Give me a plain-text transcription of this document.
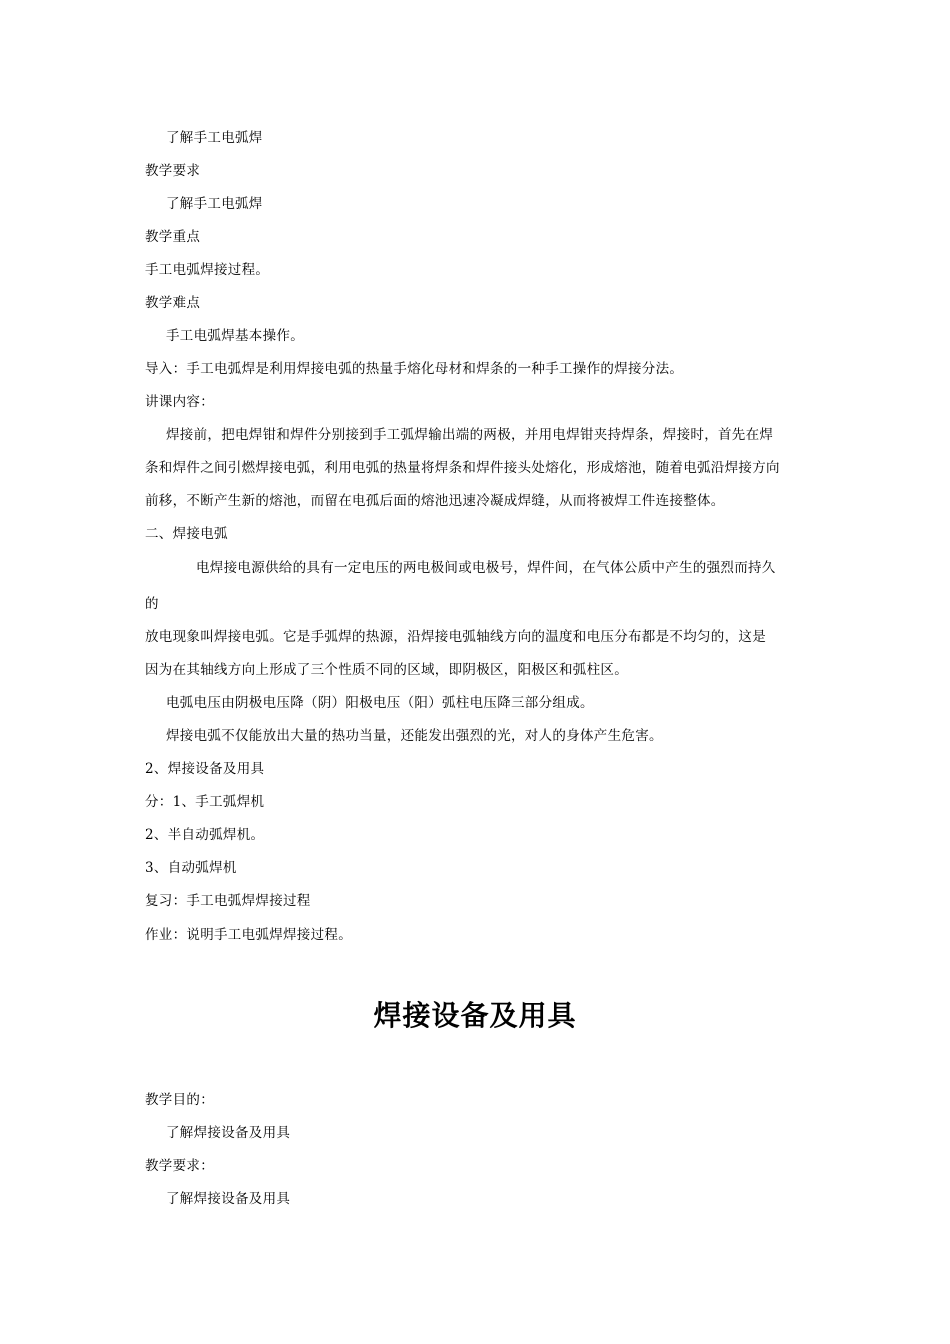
了解手工电弧焊
教学要求
了解手工电弧焊
教学重点
手工电弧焊接过程。
教学难点
手工电弧焊基本操作。
导入：手工电弧焊是利用焊接电弧的热量手熔化母材和焊条的一种手工操作的焊接分法。
讲课内容：
焊接前，把电焊钳和焊件分别接到手工弧焊输出端的两极，并用电焊钳夹持焊条，焊接时，首先在焊
条和焊件之间引燃焊接电弧，利用电弧的热量将焊条和焊件接头处熔化，形成熔池，随着电弧沿焊接方向
前移，不断产生新的熔池，而留在电孤后面的熔池迅速冷凝成焊缝，从而将被焊工件连接整体。
二、焊接电弧
电焊接电源供给的具有一定电压的两电极间或电极号，焊件间，在气体公质中产生的强烈而持久
的
放电现象叫焊接电弧。它是手弧焊的热源，沿焊接电弧轴线方向的温度和电压分布都是不均匀的，这是
因为在其轴线方向上形成了三个性质不同的区域，即阴极区，阳极区和弧柱区。
电弧电压由阴极电压降（阴）阳极电压（阳）弧柱电压降三部分组成。
焊接电弧不仅能放出大量的热功当量，还能发出强烈的光，对人的身体产生危害。
2、焊接设备及用具
分：1、手工弧焊机
2、半自动弧焊机。
3、自动弧焊机
复习：手工电弧焊焊接过程
作业：说明手工电弧焊焊接过程。
焊接设备及用具
教学目的：
了解焊接设备及用具
教学要求：
了解焊接设备及用具
